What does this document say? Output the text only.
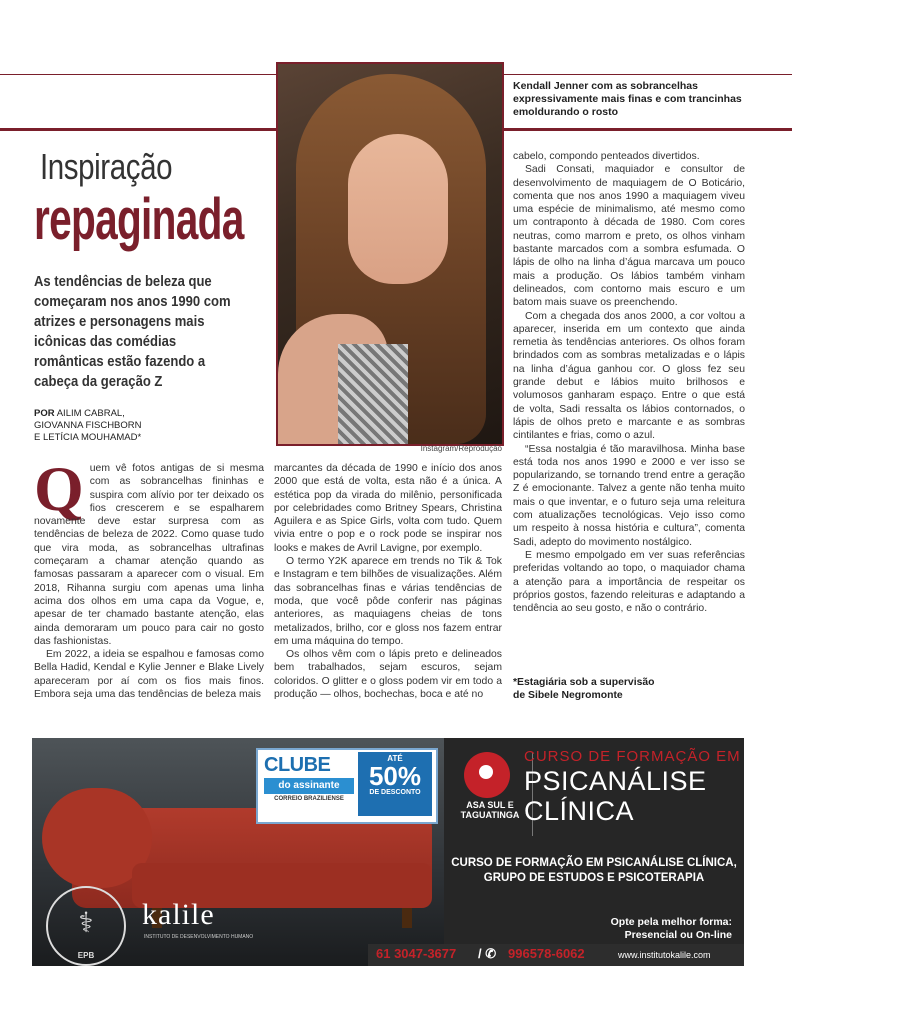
Instagram/Reprodução
Kendall Jenner com as sobrancelhas expressivamente mais finas e com trancinhas emoldurando o rosto
Inspiração
repaginada
As tendências de beleza que começaram nos anos 1990 com atrizes e personagens mais icônicas das comédias românticas estão fazendo a cabeça da geração Z
POR AILIM CABRAL,
GIOVANNA FISCHBORN
E LETÍCIA MOUHAMAD*

Quem vê fotos antigas de si mesma com as sobrancelhas fininhas e suspira com alívio por ter deixado os fios crescerem e se espalharem novamente deve estar surpresa com as tendências de beleza de 2022. Como quase tudo que vira moda, as sobrancelhas ultrafinas começaram a chamar atenção quando as famosas passaram a aparecer com o visual. Em 2018, Rihanna surgiu com apenas uma linha acima dos olhos em uma capa da Vogue, e, apesar de ter chamado bastante atenção, elas ainda demoraram um pouco para cair no gosto das fashionistas.

Em 2022, a ideia se espalhou e famosas como Bella Hadid, Kendal e Kylie Jenner e Blake Lively apareceram por aí com os fios mais finos. Embora seja uma das tendências de beleza mais

marcantes da década de 1990 e início dos anos 2000 que está de volta, esta não é a única. A estética pop da virada do milênio, personificada por celebridades como Britney Spears, Christina Aguilera e as Spice Girls, volta com tudo. Quem vivia entre o pop e o rock pode se inspirar nos looks e makes de Avril Lavigne, por exemplo.

O termo Y2K aparece em trends no Tik & Tok e Instagram e tem bilhões de visualizações. Além das sobrancelhas finas e várias tendências de moda, que você pôde conferir nas páginas anteriores, as maquiagens cheias de tons metalizados, brilho, cor e gloss nos fazem entrar em uma máquina do tempo.

Os olhos vêm com o lápis preto e delineados bem trabalhados, sejam escuros, sejam coloridos. O glitter e o gloss podem vir em todo a produção — olhos, bochechas, boca e até no

cabelo, compondo penteados divertidos.

Sadi Consati, maquiador e consultor de desenvolvimento de maquiagem de O Boticário, comenta que nos anos 1990 a maquiagem viveu uma espécie de minimalismo, até mesmo como um contraponto à década de 1980. Com cores neutras, como marrom e preto, os olhos vinham bastante marcados com a sombra esfumada. O lápis de olho na linha d’água marcava um pouco mais a produção. Os lábios também vinham delineados, com contorno mais escuro e um batom mais suave os preenchendo.

Com a chegada dos anos 2000, a cor voltou a aparecer, inserida em um contexto que ainda remetia às tendências anteriores. Os olhos foram brindados com as sombras metalizadas e o lápis na linha d’água ganhou cor. O gloss fez seu grande debut e lábios muito brilhosos e volumosos ganharam espaço. Entre o que está de volta, Sadi ressalta os lábios contornados, o lápis de olhos preto e marcante e as sombras cintilantes e frias, como o azul.

“Essa nostalgia é tão maravilhosa. Minha base está toda nos anos 1990 e 2000 e ver isso se popularizando, se tornando trend entre a geração Z é emocionante. Talvez a gente não tenha muito mais o que inventar, e o futuro seja uma releitura com atualizações tecnológicas. Vejo isso como um respeito à nossa história e cultura”, comenta Sadi, adepto do movimento nostálgico.

E mesmo empolgado em ver suas referências preferidas voltando ao topo, o maquiador chama a atenção para a importância de respeitar os próprios gostos, fazendo releituras e adaptando a tendência ao seu gosto, e não o contrário.

*Estagiária sob a supervisão
de Sibele Negromonte
CLUBE
do assinante
CORREIO BRAZILIENSE
ATÉ
50%
DE DESCONTO
⚕
EPB
kalile
INSTITUTO DE DESENVOLVIMENTO HUMANO
ASA SUL E
TAGUATINGA
CURSO DE FORMAÇÃO EM
PSICANÁLISE
CLÍNICA
CURSO DE FORMAÇÃO EM PSICANÁLISE CLÍNICA,
GRUPO DE ESTUDOS E PSICOTERAPIA
Opte pela melhor forma:
Presencial ou On-line
61 3047-3677 / ✆ 996578-6062	www.institutokalile.com
